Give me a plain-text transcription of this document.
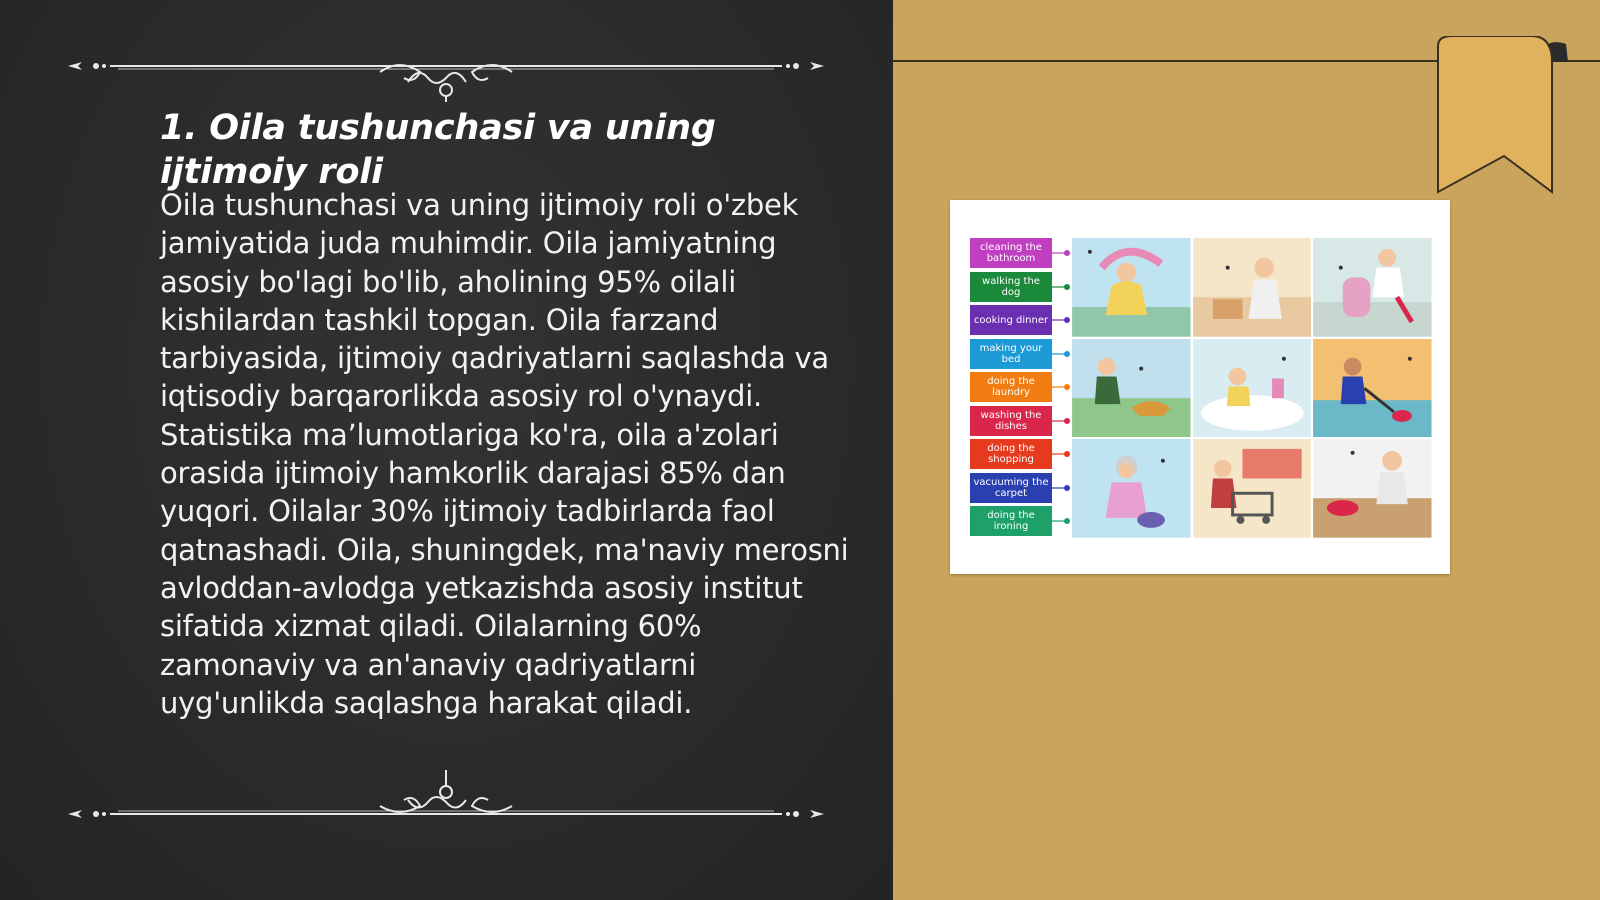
1. Oila tushunchasi va uning ijtimoiy roli
Oila tushunchasi va uning ijtimoiy roli o'zbek jamiyatida juda muhimdir. Oila jamiyatning asosiy bo'lagi bo'lib, aholining 95% oilali kishilardan tashkil topgan. Oila farzand tarbiyasida, ijtimoiy qadriyatlarni saqlashda va iqtisodiy barqarorlikda asosiy rol o'ynaydi. Statistika ma’lumotlariga ko'ra, oila a'zolari orasida ijtimoiy hamkorlik darajasi 85% dan yuqori. Oilalar 30% ijtimoiy tadbirlarda faol qatnashadi. Oila, shuningdek, ma'naviy merosni avloddan-avlodga yetkazishda asosiy institut sifatida xizmat qiladi. Oilalarning 60% zamonaviy va an'anaviy qadriyatlarni uyg'unlikda saqlashga harakat qiladi.
cleaning the bathroom
walking the dog
cooking dinner
making your bed
doing the laundry
washing the dishes
doing the shopping
vacuuming the carpet
doing the ironing
